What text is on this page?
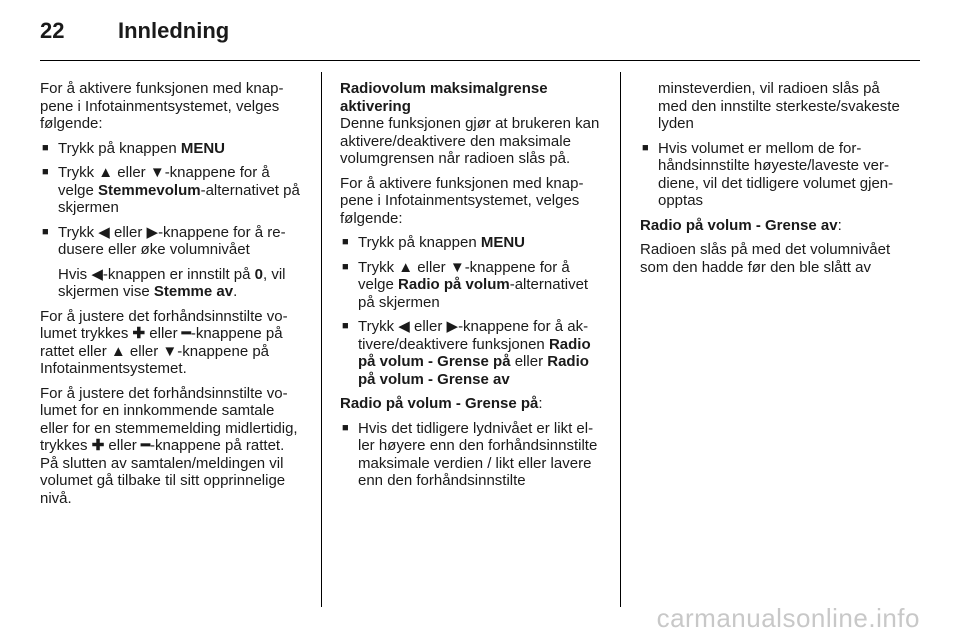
22 Innledning

For å aktivere funksjonen med knappene i Infotainmentsystemet, velges følgende:

■ Trykk på knappen MENU
■ Trykk ▲ eller ▼-knappene for å velge Stemmevolum-alternativet på skjermen
■ Trykk ◀ eller ▶-knappene for å redusere eller øke volumnivået

Hvis ◀-knappen er innstilt på 0, vil skjermen vise Stemme av.

For å justere det forhåndsinnstilte volumet trykkes ✚ eller ━-knappene på rattet eller ▲ eller ▼-knappene på Infotainmentsystemet.

For å justere det forhåndsinnstilte volumet for en innkommende samtale eller for en stemmemelding midlertidig, trykkes ✚ eller ━-knappene på rattet. På slutten av samtalen/meldingen vil volumet gå tilbake til sitt opprinnelige nivå.

Radiovolum maksimalgrense aktivering

Denne funksjonen gjør at brukeren kan aktivere/deaktivere den maksimale volumgrensen når radioen slås på.

For å aktivere funksjonen med knappene i Infotainmentsystemet, velges følgende:

■ Trykk på knappen MENU
■ Trykk ▲ eller ▼-knappene for å velge Radio på volum-alternativet på skjermen
■ Trykk ◀ eller ▶-knappene for å aktivere/deaktivere funksjonen Radio på volum - Grense på eller Radio på volum - Grense av

Radio på volum - Grense på:

■ Hvis det tidligere lydnivået er likt eller høyere enn den forhåndsinnstilte maksimale verdien / likt eller lavere enn den forhåndsinnstilte
minsteverdien, vil radioen slås på med den innstilte sterkeste/svakeste lyden
■ Hvis volumet er mellom de forhåndsinnstilte høyeste/laveste verdiene, vil det tidligere volumet gjenopptas

Radio på volum - Grense av:

Radioen slås på med det volumnivået som den hadde før den ble slått av

carmanualsonline.info
